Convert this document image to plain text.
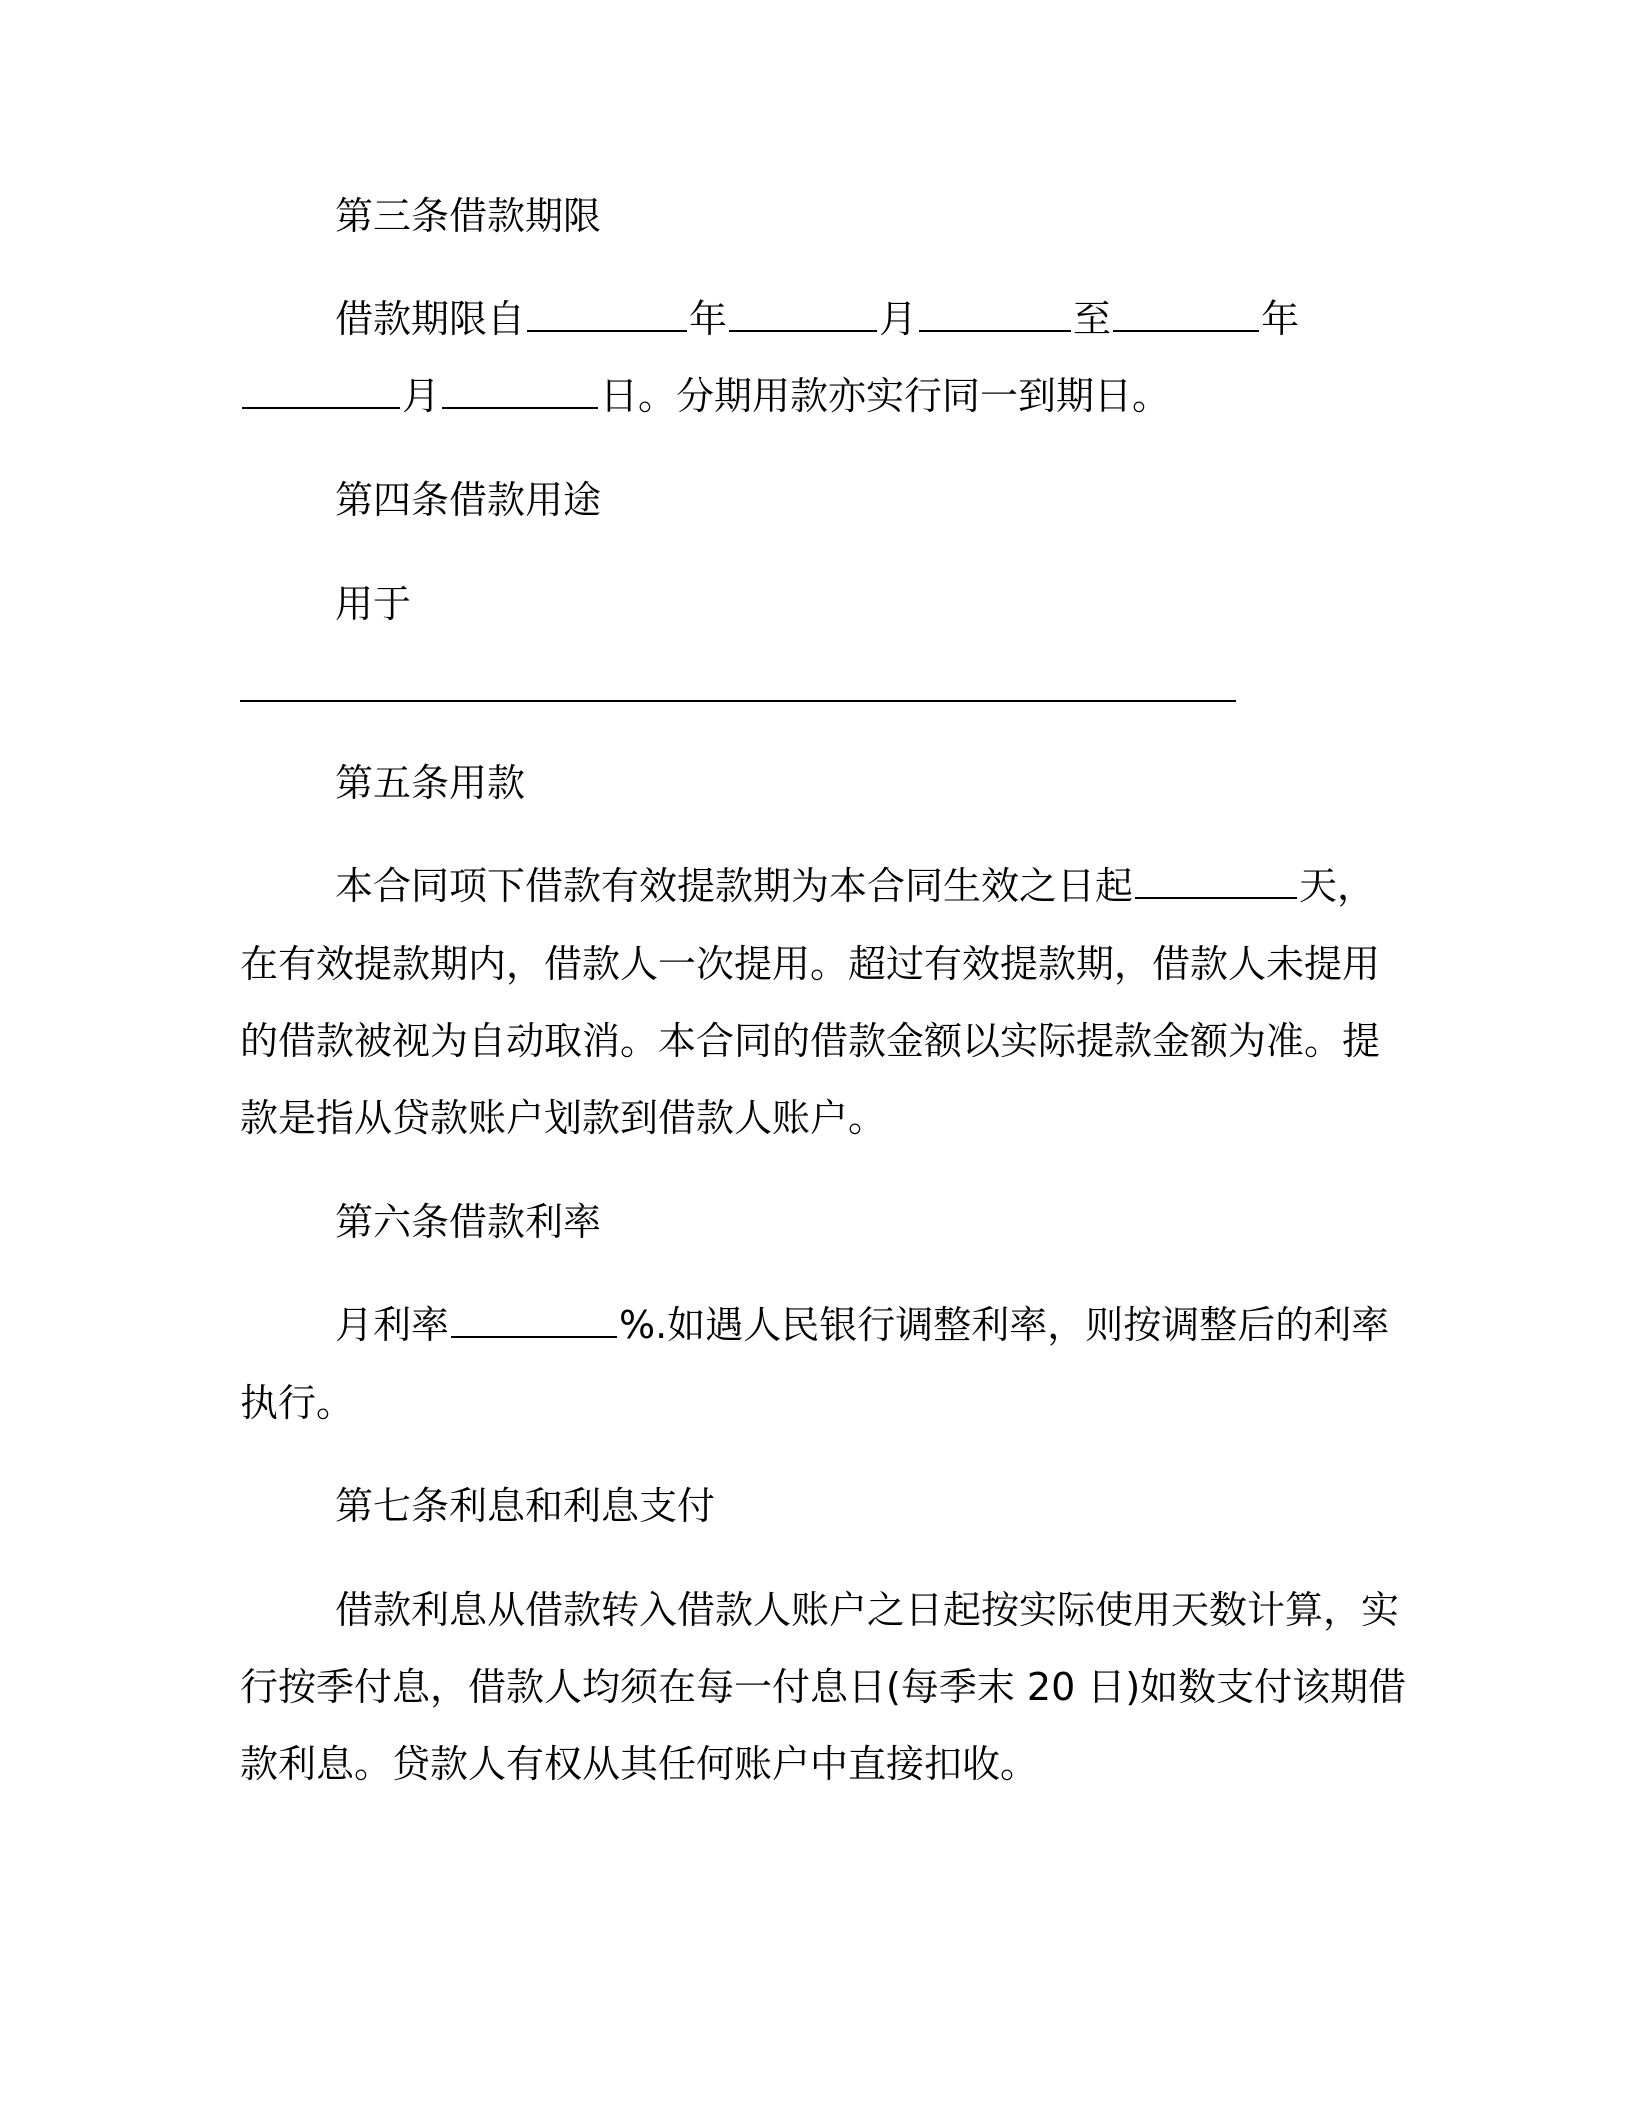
第三条借款期限
借款期限自	年	月	至	年
月	日。分期用款亦实行同一到期日。
第四条借款用途
用于
第五条用款
本合同项下借款有效提款期为本合同生效之日起	天，
在有效提款期内，借款人一次提用。超过有效提款期，借款人未提用
的借款被视为自动取消。本合同的借款金额以实际提款金额为准。提
款是指从贷款账户划款到借款人账户。
第六条借款利率
月利率	%.如遇人民银行调整利率，则按调整后的利率
执行。
第七条利息和利息支付
借款利息从借款转入借款人账户之日起按实际使用天数计算，实
行按季付息，借款人均须在每一付息日(每季末 20 日)如数支付该期借
款利息。贷款人有权从其任何账户中直接扣收。
